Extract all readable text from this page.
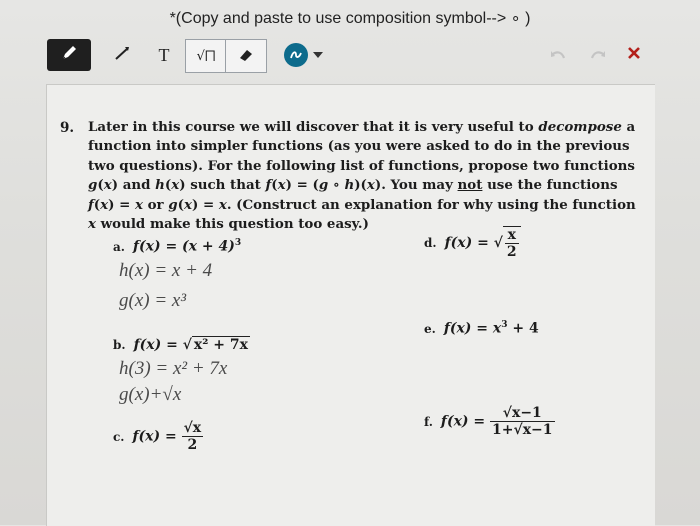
*(Copy and paste to use composition symbol--> ∘ )
T √⨅
9. Later in this course we will discover that it is very useful to decompose a function into simpler functions (as you were asked to do in the previous two questions). For the following list of functions, propose two functions g(x) and h(x) such that f(x) = (g ∘ h)(x). You may not use the functions f(x) = x or g(x) = x. (Construct an explanation for why using the function x would make this question too easy.)
a. $f(x) = (x + 4)^3$
h(x) = x + 4
g(x) = x³
b. f(x) = √ x² + 7x
h(3) = x² + 7x
g(x)+√x
c. $f(x) = \frac{√x}{2}$
d. f(x) = √ $\frac{x}{2}$
e. $f(x) = x^3 + 4$
f. $f(x) = \frac{√x-1}{1+√x-1}$
